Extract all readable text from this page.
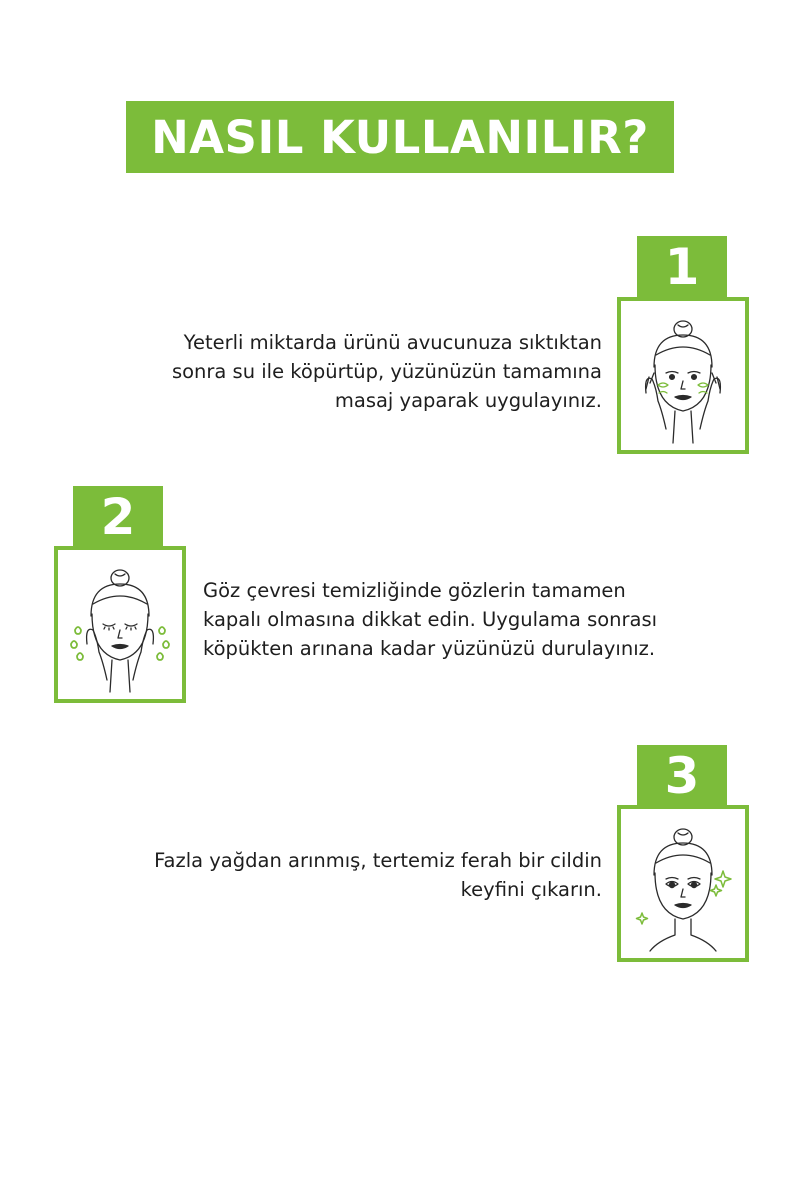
NASIL KULLANILIR?
1
Yeterli miktarda ürünü avucunuza sıktıktan
sonra su ile köpürtüp, yüzünüzün tamamına
masaj yaparak uygulayınız.
2
Göz çevresi temizliğinde gözlerin tamamen
kapalı olmasına dikkat edin. Uygulama sonrası
köpükten arınana kadar yüzünüzü durulayınız.
3
Fazla yağdan arınmış, tertemiz ferah bir cildin
keyfini çıkarın.
